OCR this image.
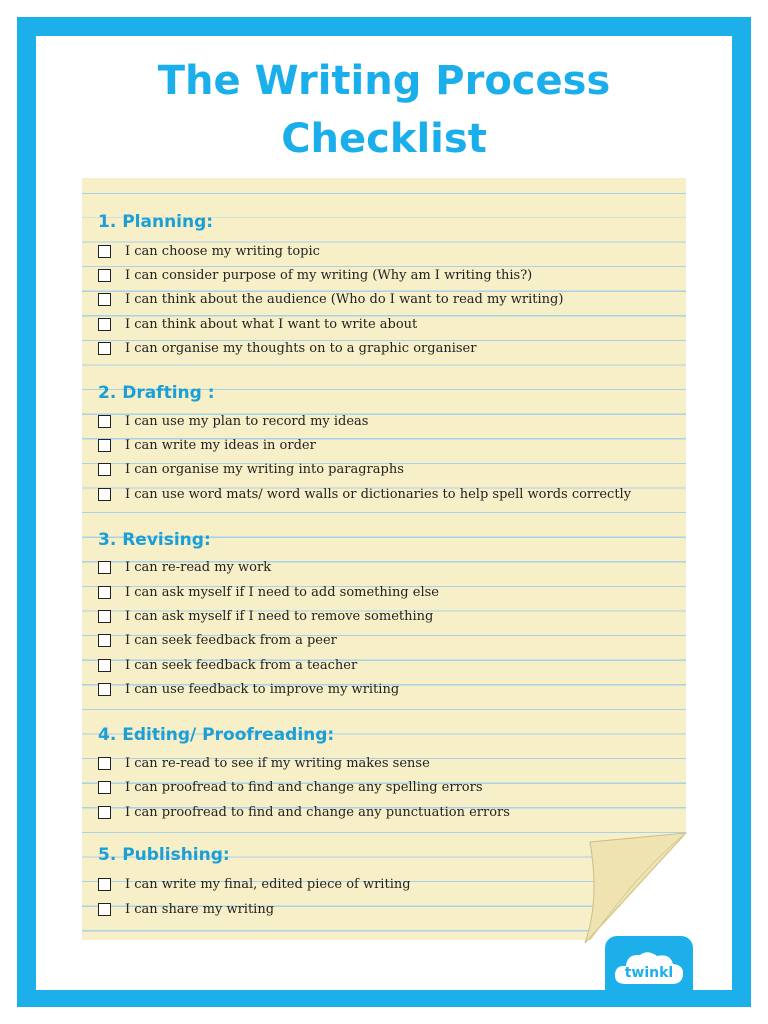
The Writing Process
Checklist
1. Planning:
I can choose my writing topic
I can consider purpose of my writing (Why am I writing this?)
I can think about the audience (Who do I want to read my writing)
I can think about what I want to write about
I can organise my thoughts on to a graphic organiser
2. Drafting :
I can use my plan to record my ideas
I can write my ideas in order
I can organise my writing into paragraphs
I can use word mats/ word walls or dictionaries to help spell words correctly
3. Revising:
I can re-read my work
I can ask myself if I need to add something else
I can ask myself if I need to remove something
I can seek feedback from a peer
I can seek feedback from a teacher
I can use feedback to improve my writing
4. Editing/ Proofreading:
I can re-read to see if my writing makes sense
I can proofread to find and change any spelling errors
I can proofread to find and change any punctuation errors
5. Publishing:
I can write my final, edited piece of writing
I can share my writing
twinkl
